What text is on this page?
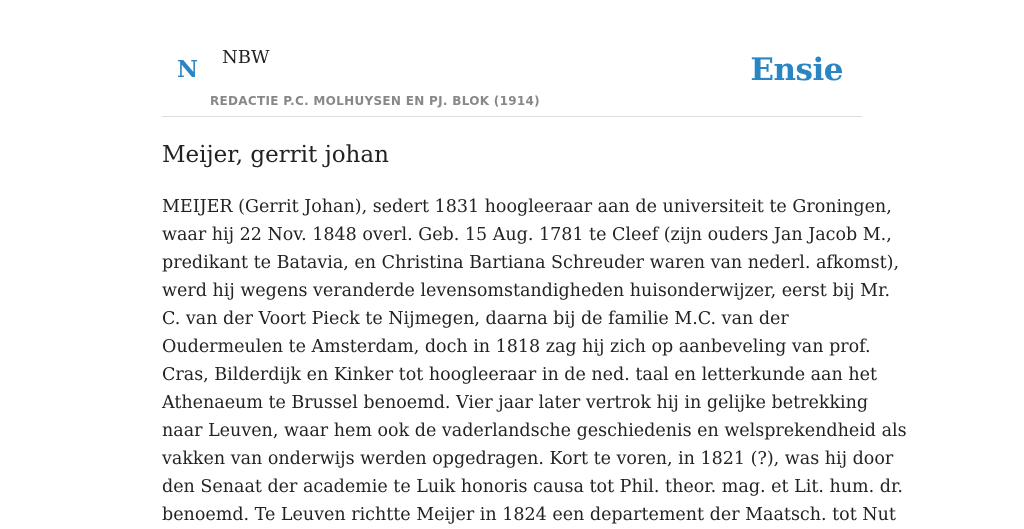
N NBW
REDACTIE P.C. MOLHUYSEN EN PJ. BLOK (1914)
Ensie
Meijer, gerrit johan
MEIJER (Gerrit Johan), sedert 1831 hoogleeraar aan de universiteit te Groningen,
waar hij 22 Nov. 1848 overl. Geb. 15 Aug. 1781 te Cleef (zijn ouders Jan Jacob M.,
predikant te Batavia, en Christina Bartiana Schreuder waren van nederl. afkomst),
werd hij wegens veranderde levensomstandigheden huisonderwijzer, eerst bij Mr.
C. van der Voort Pieck te Nijmegen, daarna bij de familie M.C. van der
Oudermeulen te Amsterdam, doch in 1818 zag hij zich op aanbeveling van prof.
Cras, Bilderdijk en Kinker tot hoogleeraar in de ned. taal en letterkunde aan het
Athenaeum te Brussel benoemd. Vier jaar later vertrok hij in gelijke betrekking
naar Leuven, waar hem ook de vaderlandsche geschiedenis en welsprekendheid als
vakken van onderwijs werden opgedragen. Kort te voren, in 1821 (?), was hij door
den Senaat der academie te Luik honoris causa tot Phil. theor. mag. et Lit. hum. dr.
benoemd. Te Leuven richtte Meijer in 1824 een departement der Maatsch. tot Nut
